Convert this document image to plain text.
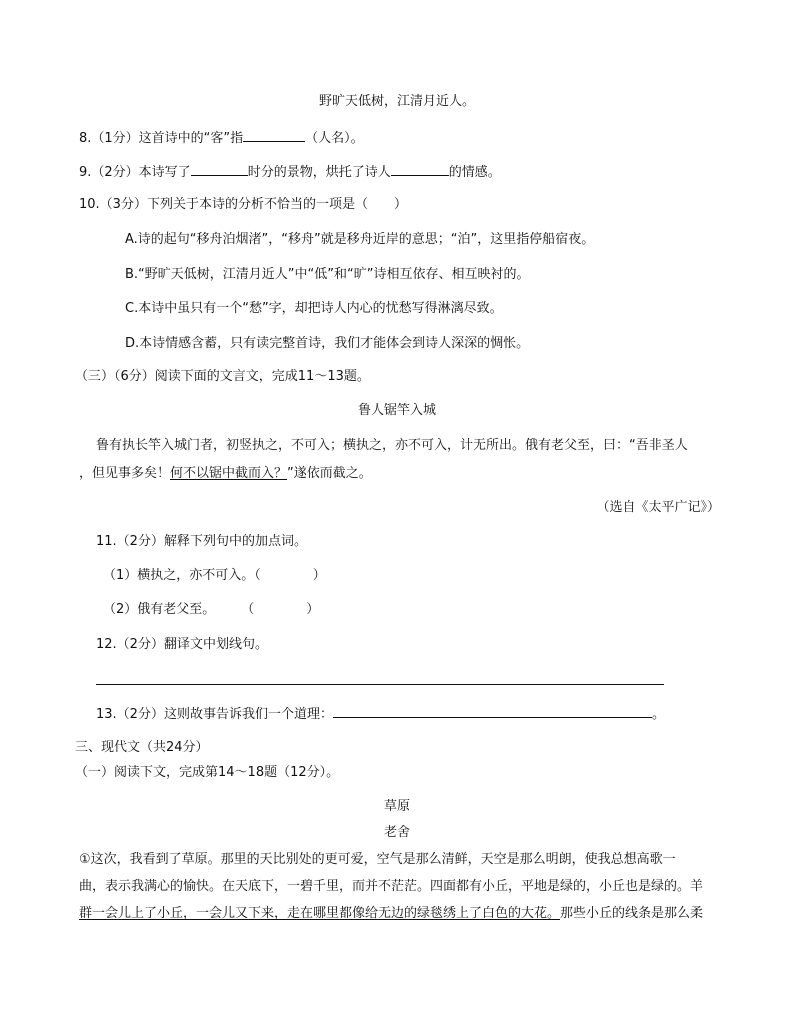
野旷天低树，江清月近人。
8.（1分）这首诗中的“客”指	（人名）。
9.（2分）本诗写了	时分的景物，烘托了诗人	的情感。
10.（3分）下列关于本诗的分析不恰当的一项是（　　）
A.诗的起句“移舟泊烟渚”，“移舟”就是移舟近岸的意思；“泊”，这里指停船宿夜。
B.“野旷天低树，江清月近人”中“低”和“旷”诗相互依存、相互映衬的。
C.本诗中虽只有一个“愁”字，却把诗人内心的忧愁写得淋漓尽致。
D.本诗情感含蓄，只有读完整首诗，我们才能体会到诗人深深的惆怅。
（三）（6分）阅读下面的文言文，完成11～13题。
鲁人锯竿入城
鲁有执长竿入城门者，初竖执之，不可入；横执之，亦不可入，计无所出。俄有老父至，曰：“吾非圣人
，但见事多矣！何不以锯中截而入？”遂依而截之。
（选自《太平广记》）
11.（2分）解释下列句中的加点词。
（1）横执之，亦不可入。（　　　　）
（2）俄有老父至。　　　（　　　　）
12.（2分）翻译文中划线句。
13.（2分）这则故事告诉我们一个道理：	。
三、现代文（共24分）
（一）阅读下文，完成第14～18题（12分）。
草原
老舍
①这次，我看到了草原。那里的天比别处的更可爱，空气是那么清鲜，天空是那么明朗，使我总想高歌一
曲，表示我满心的愉快。在天底下，一碧千里，而并不茫茫。四面都有小丘，平地是绿的，小丘也是绿的。羊
群一会儿上了小丘，一会儿又下来，走在哪里都像给无边的绿毯绣上了白色的大花。那些小丘的线条是那么柔
